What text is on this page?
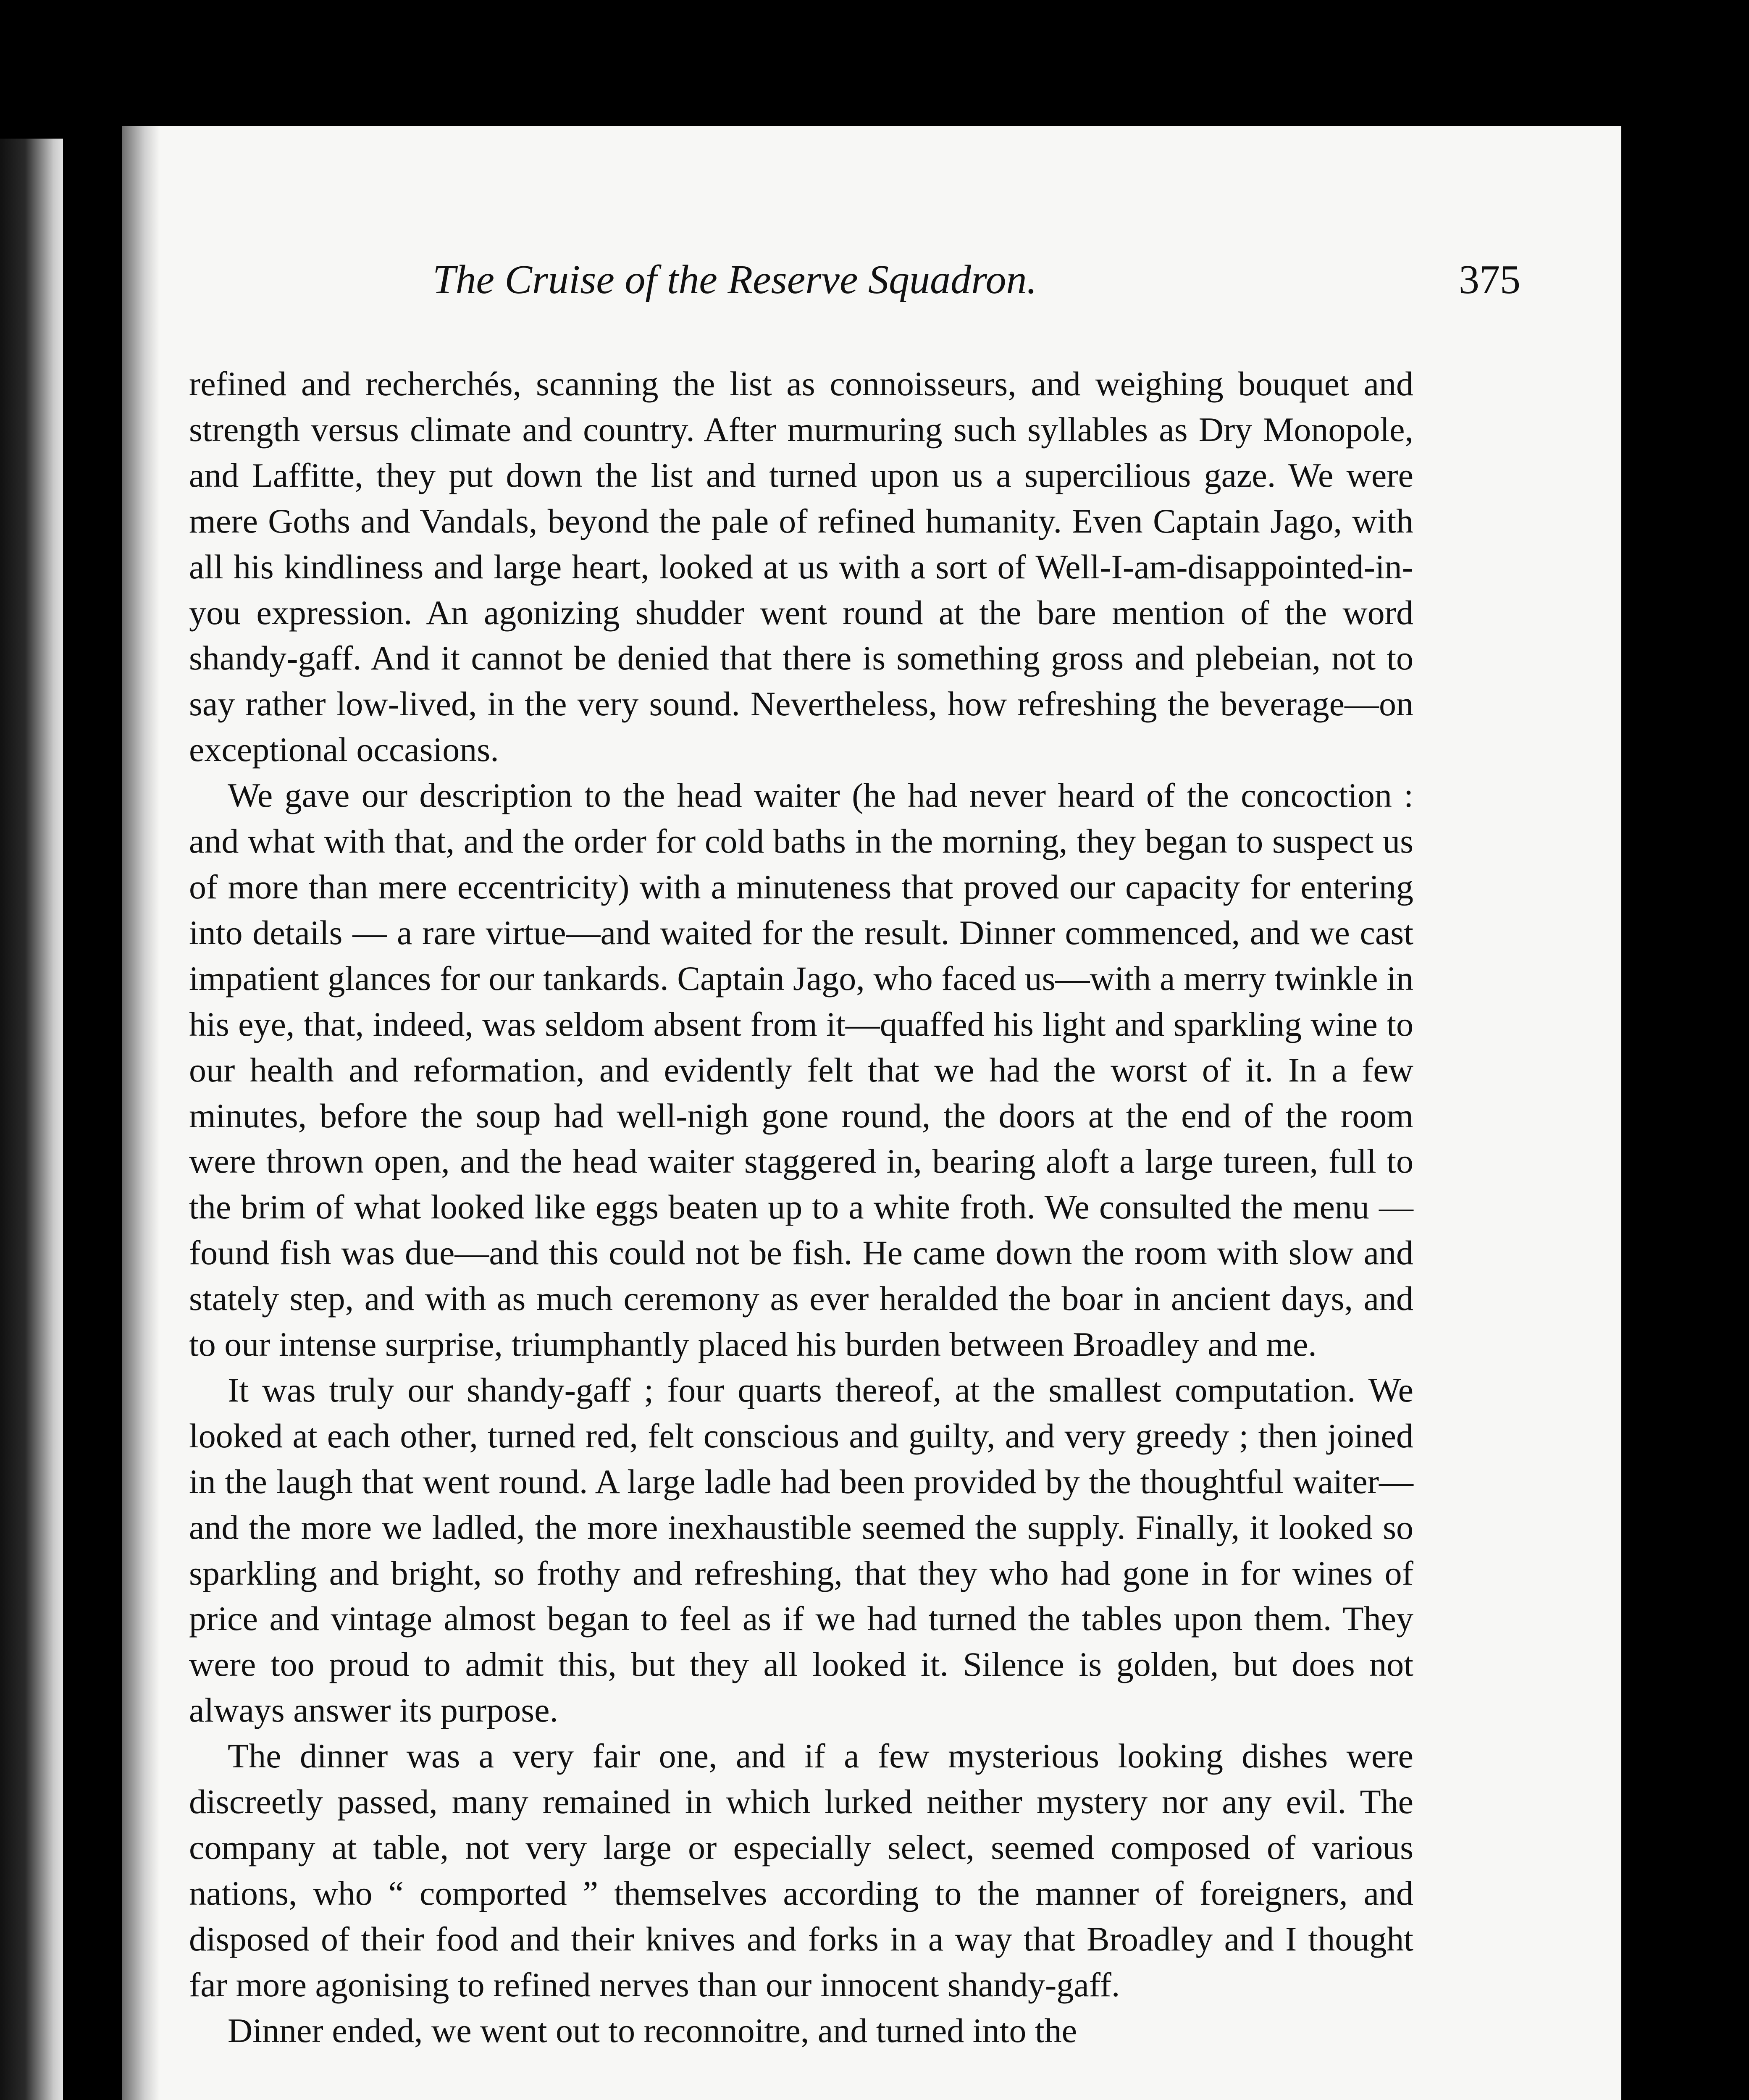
The Cruise of the Reserve Squadron.	375

refined and recherchés, scanning the list as connoisseurs, and weighing bouquet and strength versus climate and country. After murmuring such syllables as Dry Monopole, and Laffitte, they put down the list and turned upon us a supercilious gaze. We were mere Goths and Vandals, beyond the pale of refined humanity. Even Captain Jago, with all his kindliness and large heart, looked at us with a sort of Well-I-am-disappointed-in-you expression. An agonizing shudder went round at the bare mention of the word shandy-gaff. And it cannot be denied that there is something gross and plebeian, not to say rather low-lived, in the very sound. Nevertheless, how refreshing the beverage—on exceptional occasions.

We gave our description to the head waiter (he had never heard of the concoction : and what with that, and the order for cold baths in the morning, they began to suspect us of more than mere eccentricity) with a minuteness that proved our capacity for entering into details — a rare virtue—and waited for the result. Dinner commenced, and we cast impatient glances for our tankards. Captain Jago, who faced us—with a merry twinkle in his eye, that, indeed, was seldom absent from it—quaffed his light and sparkling wine to our health and reformation, and evidently felt that we had the worst of it. In a few minutes, before the soup had well-nigh gone round, the doors at the end of the room were thrown open, and the head waiter staggered in, bearing aloft a large tureen, full to the brim of what looked like eggs beaten up to a white froth. We consulted the menu —found fish was due—and this could not be fish. He came down the room with slow and stately step, and with as much ceremony as ever heralded the boar in ancient days, and to our intense surprise, triumphantly placed his burden between Broadley and me.

It was truly our shandy-gaff ; four quarts thereof, at the smallest computation. We looked at each other, turned red, felt conscious and guilty, and very greedy ; then joined in the laugh that went round. A large ladle had been provided by the thoughtful waiter—and the more we ladled, the more inexhaustible seemed the supply. Finally, it looked so sparkling and bright, so frothy and refreshing, that they who had gone in for wines of price and vintage almost began to feel as if we had turned the tables upon them. They were too proud to admit this, but they all looked it. Silence is golden, but does not always answer its purpose.

The dinner was a very fair one, and if a few mysterious looking dishes were discreetly passed, many remained in which lurked neither mystery nor any evil. The company at table, not very large or especially select, seemed composed of various nations, who “ comported ” themselves according to the manner of foreigners, and disposed of their food and their knives and forks in a way that Broadley and I thought far more agonising to refined nerves than our innocent shandy-gaff.

Dinner ended, we went out to reconnoitre, and turned into the
